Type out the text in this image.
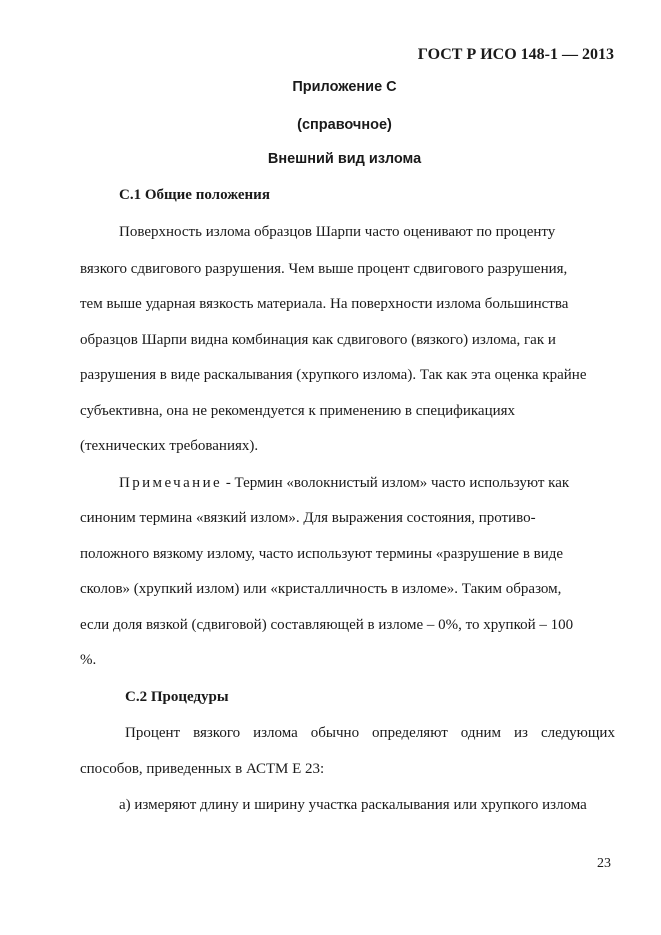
ГОСТ Р ИСО 148-1 — 2013
Приложение С
(справочное)
Внешний вид излома
С.1 Общие положения
Поверхность излома образцов Шарпи часто оценивают по проценту
вязкого сдвигового разрушения. Чем выше процент сдвигового разрушения,
тем выше ударная вязкость материала. На поверхности излома большинства
образцов Шарпи видна комбинация как сдвигового (вязкого) излома, гак и
разрушения в виде раскалывания (хрупкого излома). Так как эта оценка крайне
субъективна, она не рекомендуется к применению в спецификациях
(технических требованиях).
Примечание - Термин «волокнистый излом» часто используют как
синоним термина «вязкий излом». Для выражения состояния, противо-
положного вязкому излому, часто используют термины «разрушение в виде
сколов» (хрупкий излом) или «кристалличность в изломе». Таким образом,
если доля вязкой (сдвиговой) составляющей в изломе – 0%, то хрупкой – 100
%.
С.2 Процедуры
Процент вязкого излома обычно определяют одним из следующих
способов, приведенных в АСТМ Е 23:
а) измеряют длину и ширину участка раскалывания или хрупкого излома
23
